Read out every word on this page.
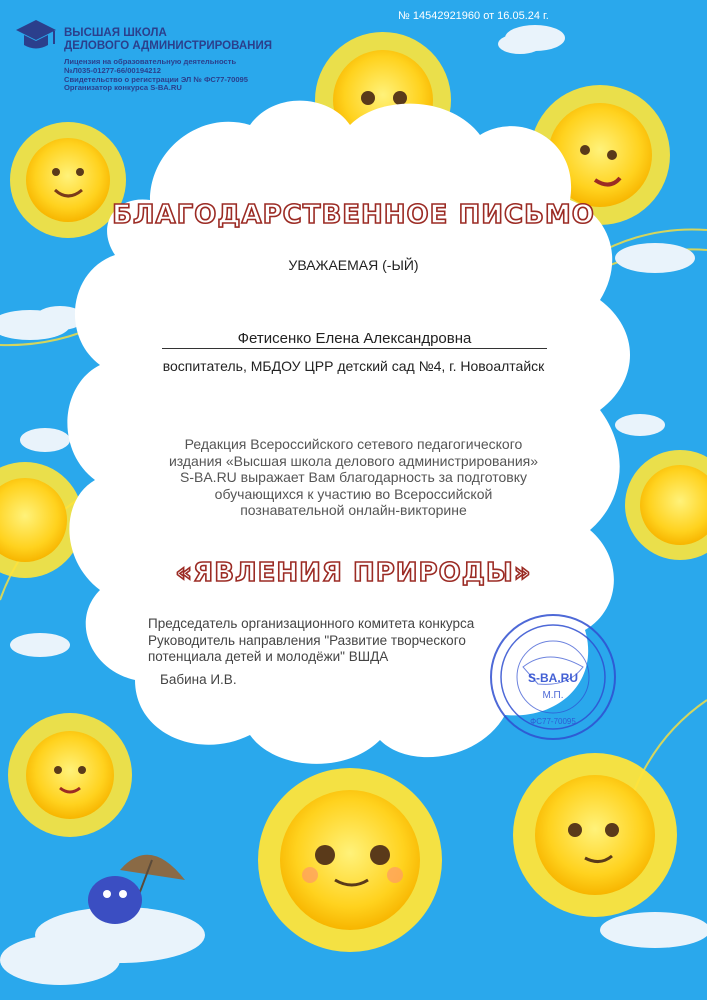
ВЫСШАЯ ШКОЛА
ДЕЛОВОГО АДМИНИСТРИРОВАНИЯ
Лицензия на образовательную деятельность
№Л035-01277-66/00194212
Свидетельство о регистрации ЭЛ № ФС77-70095
Организатор конкурса S-BA.RU
№ 14542921960 от 16.05.24 г.
БЛАГОДАРСТВЕННОЕ ПИСЬМО
УВАЖАЕМАЯ (-ЫЙ)
Фетисенко Елена Александровна
воспитатель, МБДОУ ЦРР детский сад №4, г. Новоалтайск
Редакция Всероссийского сетевого педагогического
издания «Высшая школа делового администрирования»
S-BA.RU выражает Вам благодарность за подготовку
обучающихся к участию во Всероссийской
познавательной онлайн-викторине
«ЯВЛЕНИЯ ПРИРОДЫ»
Председатель организационного комитета конкурса
Руководитель направления "Развитие творческого
потенциала детей и молодёжи" ВШДА
Бабина И.В.	S-BA.RU
М.П.
ФС77-70095
